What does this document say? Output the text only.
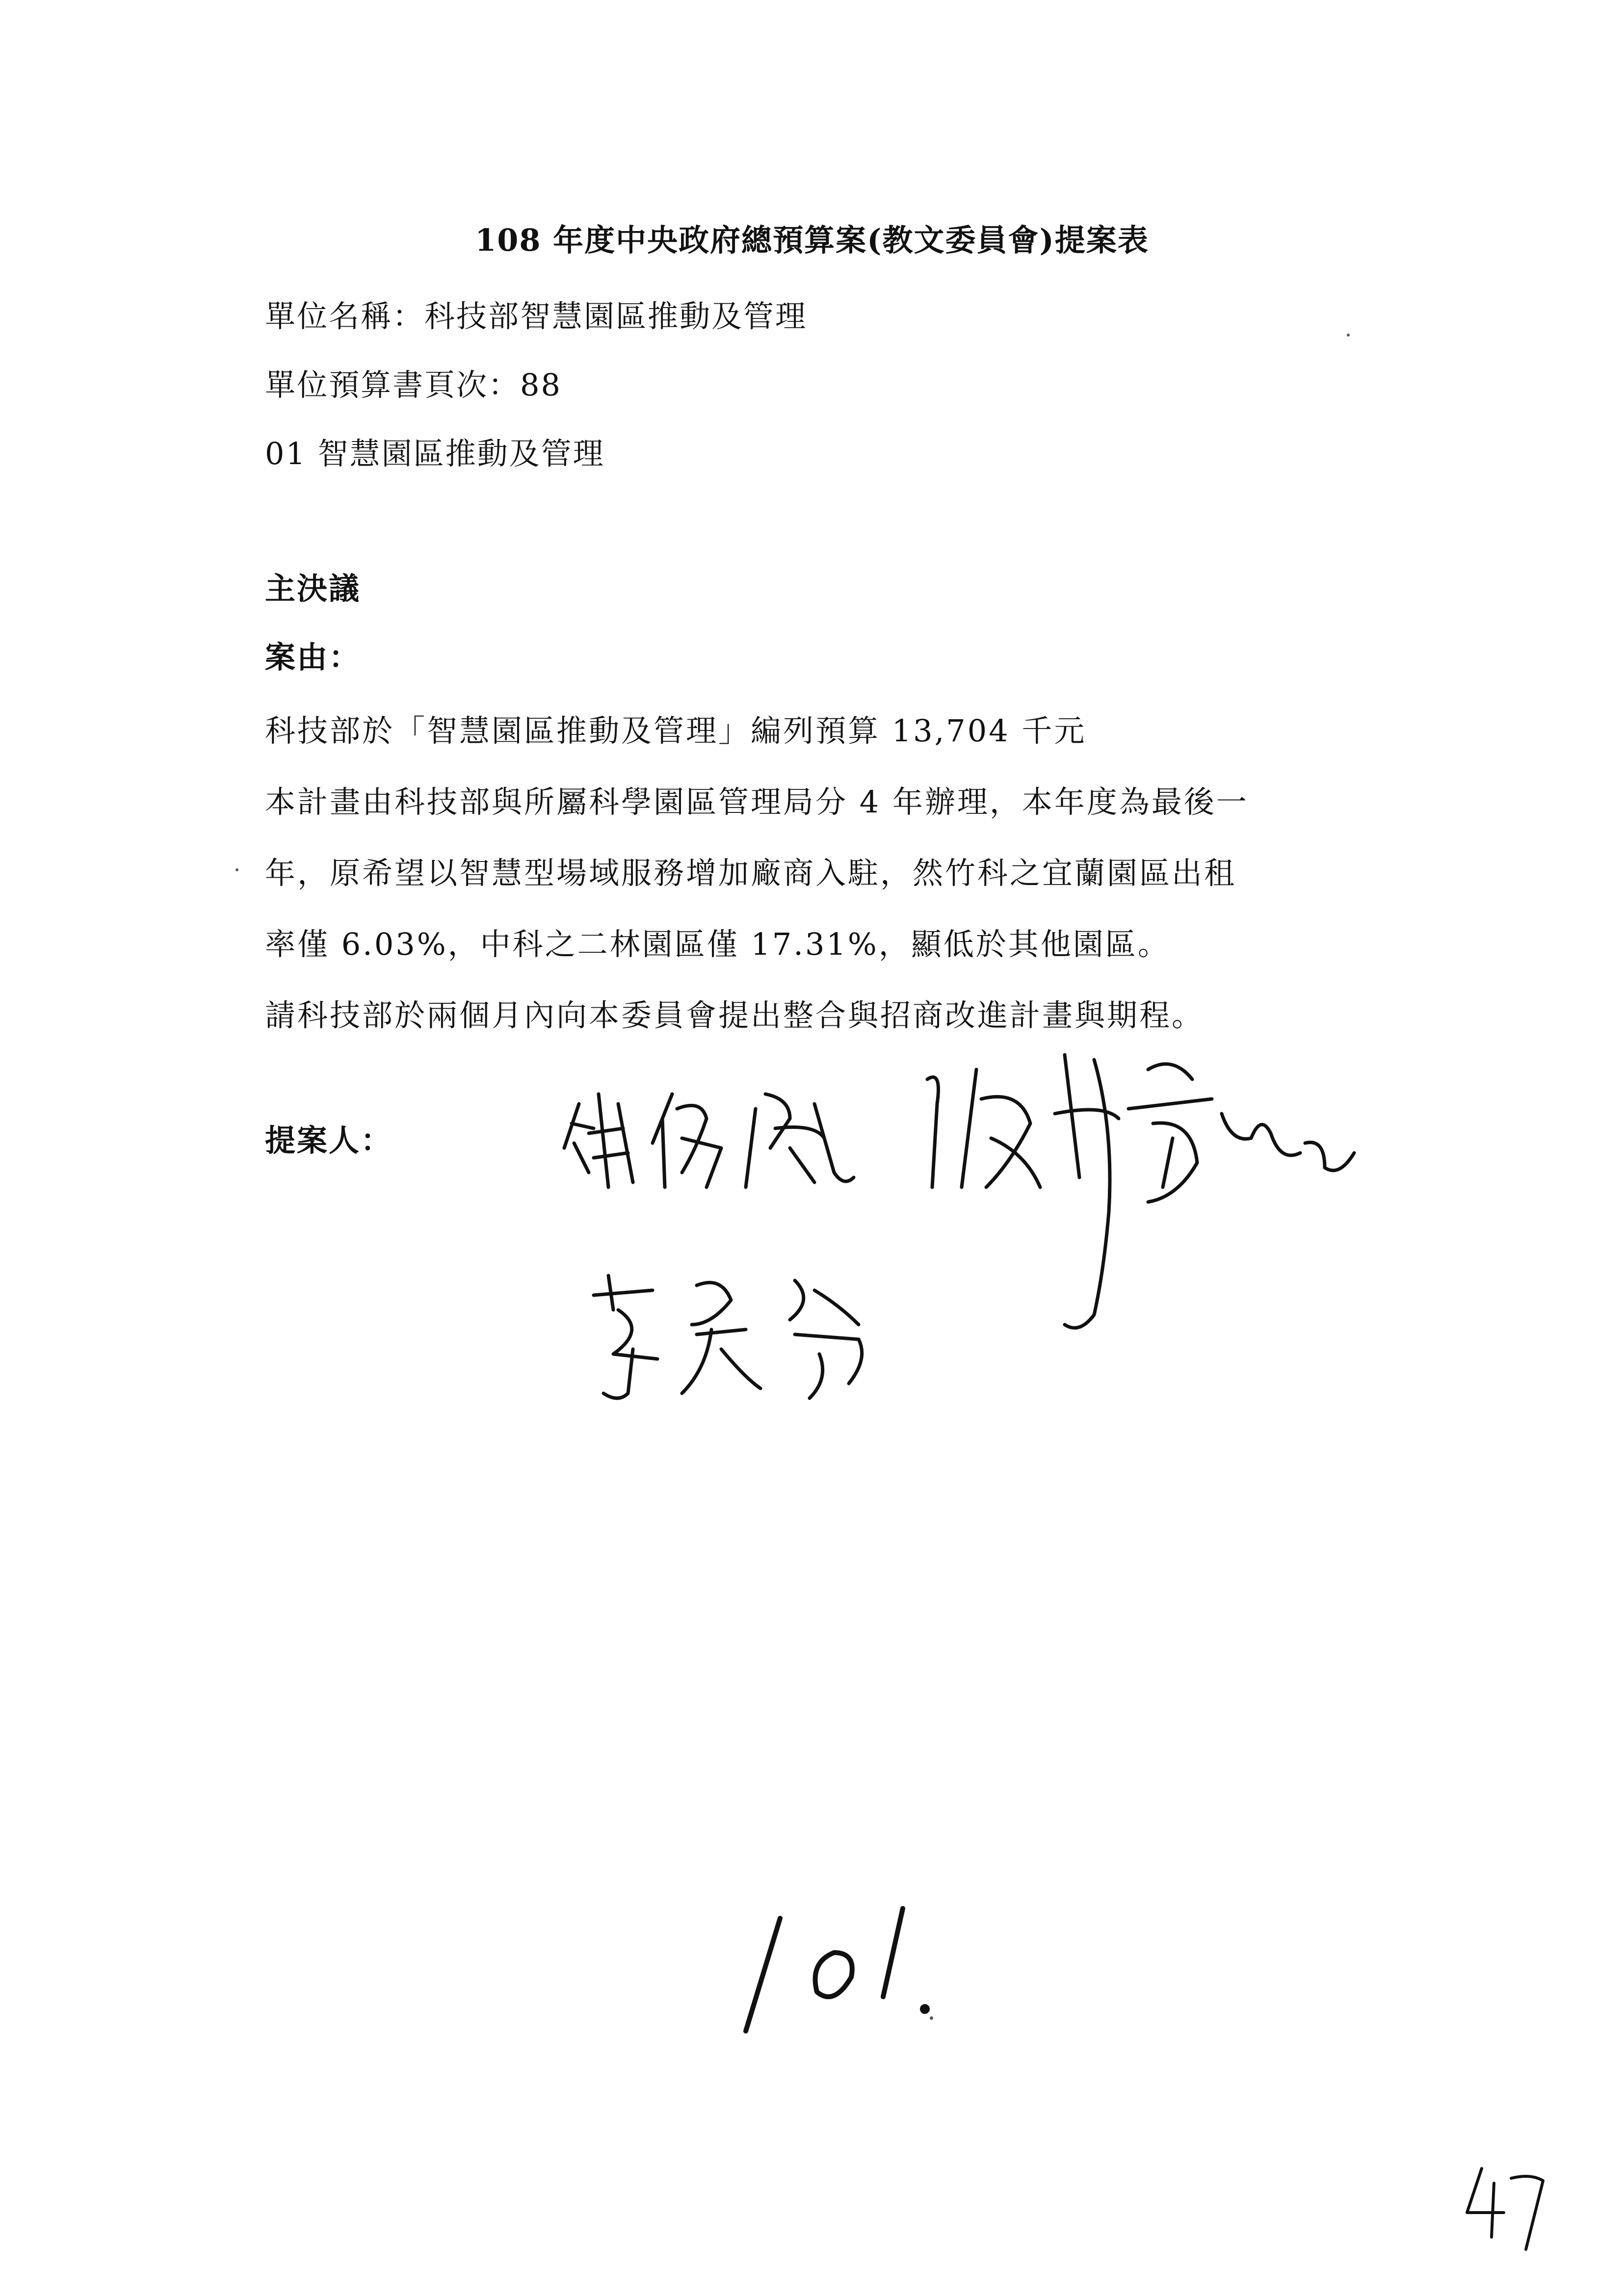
108 年度中央政府總預算案(教文委員會)提案表
單位名稱：科技部智慧園區推動及管理
單位預算書頁次：88
01 智慧園區推動及管理
主決議
案由：
科技部於「智慧園區推動及管理」編列預算 13,704 千元
本計畫由科技部與所屬科學園區管理局分 4 年辦理，本年度為最後一
年，原希望以智慧型場域服務增加廠商入駐，然竹科之宜蘭園區出租
率僅 6.03%，中科之二林園區僅 17.31%，顯低於其他園區。
請科技部於兩個月內向本委員會提出整合與招商改進計畫與期程。
提案人：
